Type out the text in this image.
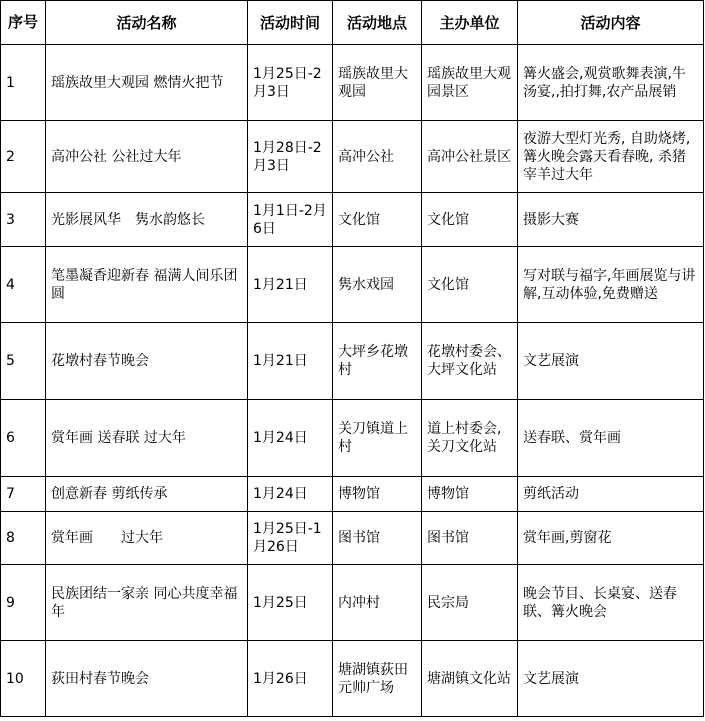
序号	活动名称	活动时间	活动地点	主办单位	活动内容
1	瑶族故里大观园 燃情火把节	1月25日-2月3日	瑶族故里大观园	瑶族故里大观园景区	篝火盛会,观赏歌舞表演,牛汤宴,,拍打舞,农产品展销
2	高冲公社 公社过大年	1月28日-2月3日	高冲公社	高冲公社景区	夜游大型灯光秀, 自助烧烤, 篝火晚会露天看春晚, 杀猪宰羊过大年
3	光影展风华　隽水韵悠长	1月1日-2月6日	文化馆	文化馆	摄影大赛
4	笔墨凝香迎新春 福满人间乐团圆	1月21日	隽水戏园	文化馆	写对联与福字,年画展览与讲解,互动体验,免费赠送
5	花墩村春节晚会	1月21日	大坪乡花墩村	花墩村委会、大坪文化站	文艺展演
6	赏年画 送春联 过大年	1月24日	关刀镇道上村	道上村委会,关刀文化站	送春联、赏年画
7	创意新春 剪纸传承	1月24日	博物馆	博物馆	剪纸活动
8	赏年画　　过大年	1月25日-1月26日	图书馆	图书馆	赏年画,剪窗花
9	民族团结一家亲 同心共度幸福年	1月25日	内冲村	民宗局	晚会节目、长桌宴、送春联、篝火晚会
10	荻田村春节晚会	1月26日	塘湖镇荻田元帅广场	塘湖镇文化站	文艺展演
